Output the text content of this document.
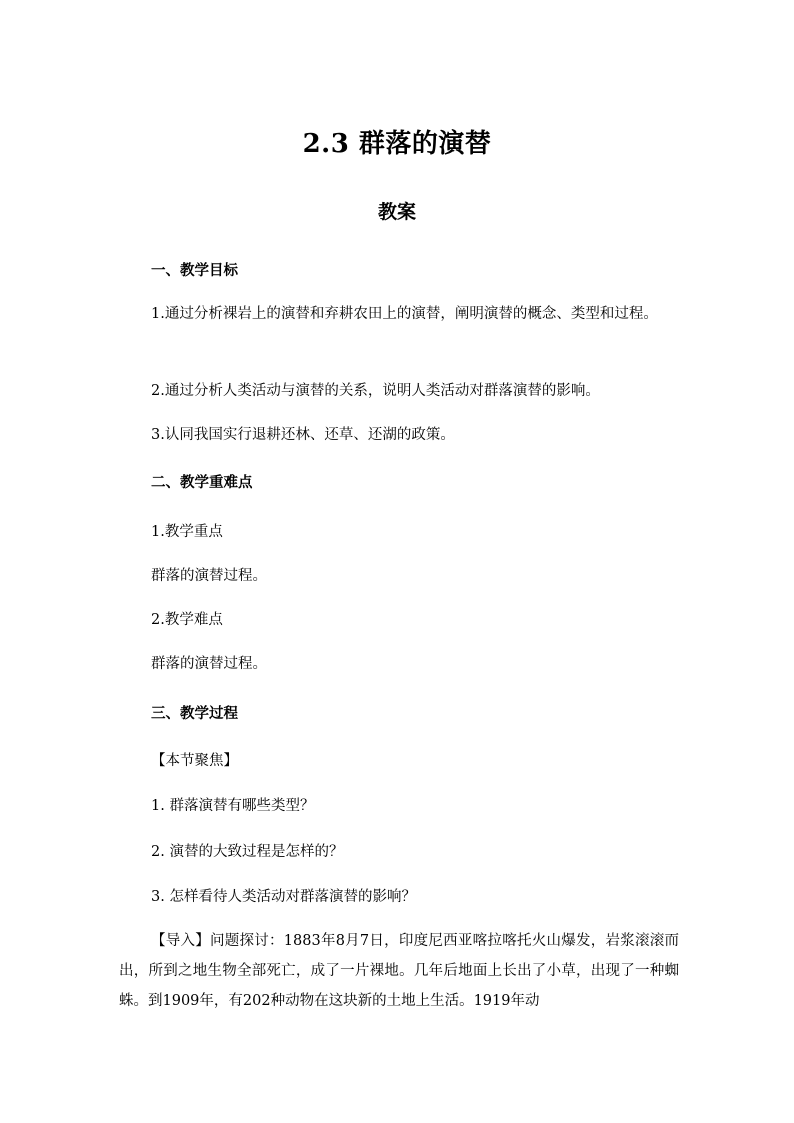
2.3 群落的演替
教案
一、教学目标
1.通过分析裸岩上的演替和弃耕农田上的演替，阐明演替的概念、类型和过程。
2.通过分析人类活动与演替的关系，说明人类活动对群落演替的影响。
3.认同我国实行退耕还林、还草、还湖的政策。
二、教学重难点
1.教学重点
群落的演替过程。
2.教学难点
群落的演替过程。
三、教学过程
【本节聚焦】
1. 群落演替有哪些类型？
2. 演替的大致过程是怎样的？
3. 怎样看待人类活动对群落演替的影响？
【导入】问题探讨：1883年8月7日，印度尼西亚喀拉喀托火山爆发，岩浆滚滚而出，所到之地生物全部死亡，成了一片裸地。几年后地面上长出了小草，出现了一种蜘蛛。到1909年，有202种动物在这块新的土地上生活。1919年动
